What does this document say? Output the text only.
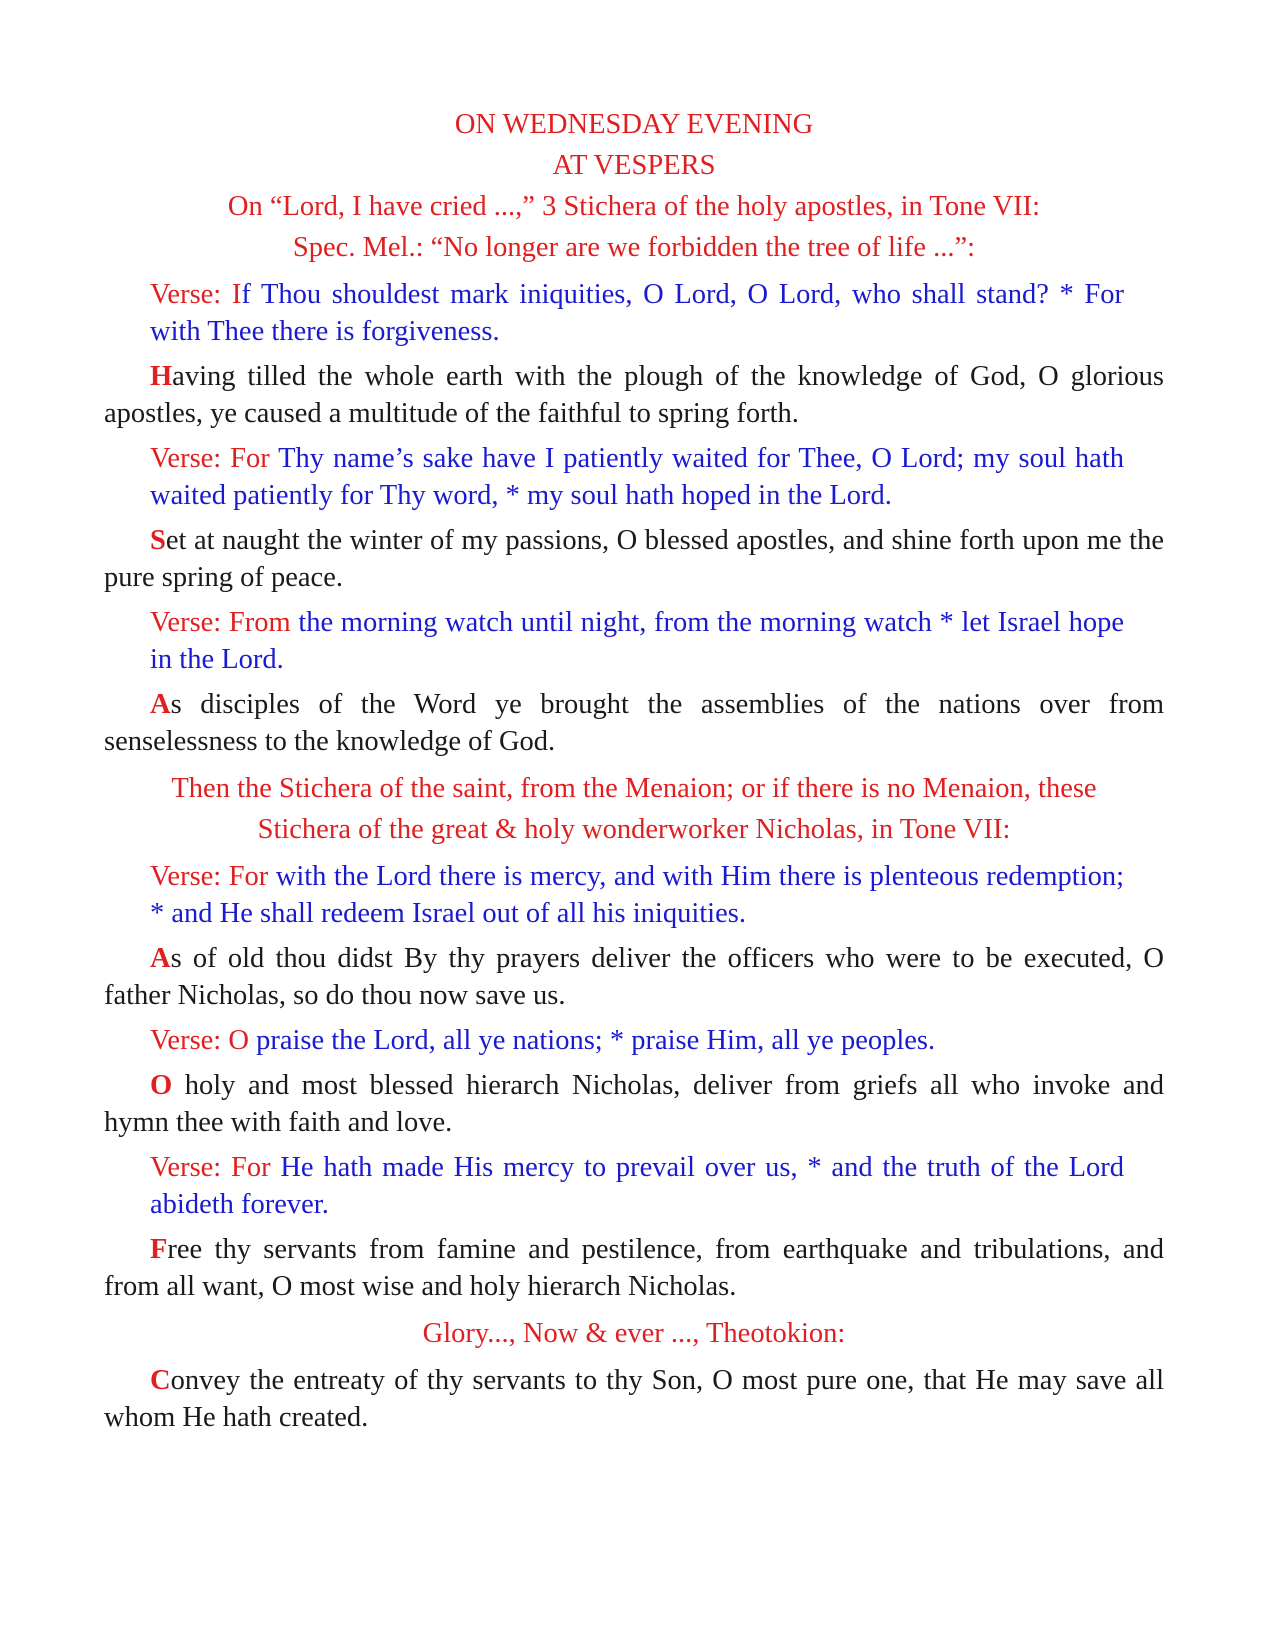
ON WEDNESDAY EVENING
AT VESPERS
On “Lord, I have cried ...,” 3 Stichera of the holy apostles, in Tone VII:
Spec. Mel.: “No longer are we forbidden the tree of life ...”:

Verse: If Thou shouldest mark iniquities, O Lord, O Lord, who shall stand? * For with Thee there is forgiveness.

Having tilled the whole earth with the plough of the knowledge of God, O glorious apostles, ye caused a multitude of the faithful to spring forth.

Verse: For Thy name’s sake have I patiently waited for Thee, O Lord; my soul hath waited patiently for Thy word, * my soul hath hoped in the Lord.

Set at naught the winter of my passions, O blessed apostles, and shine forth upon me the pure spring of peace.

Verse: From the morning watch until night, from the morning watch * let Israel hope in the Lord.

As disciples of the Word ye brought the assemblies of the nations over from senselessness to the knowledge of God.

Then the Stichera of the saint, from the Menaion; or if there is no Menaion, these
Stichera of the great & holy wonderworker Nicholas, in Tone VII:

Verse: For with the Lord there is mercy, and with Him there is plenteous redemption; * and He shall redeem Israel out of all his iniquities.

As of old thou didst By thy prayers deliver the officers who were to be executed, O father Nicholas, so do thou now save us.

Verse: O praise the Lord, all ye nations; * praise Him, all ye peoples.

O holy and most blessed hierarch Nicholas, deliver from griefs all who invoke and hymn thee with faith and love.

Verse: For He hath made His mercy to prevail over us, * and the truth of the Lord abideth forever.

Free thy servants from famine and pestilence, from earthquake and tribulations, and from all want, O most wise and holy hierarch Nicholas.

Glory..., Now & ever ..., Theotokion:

Convey the entreaty of thy servants to thy Son, O most pure one, that He may save all whom He hath created.
